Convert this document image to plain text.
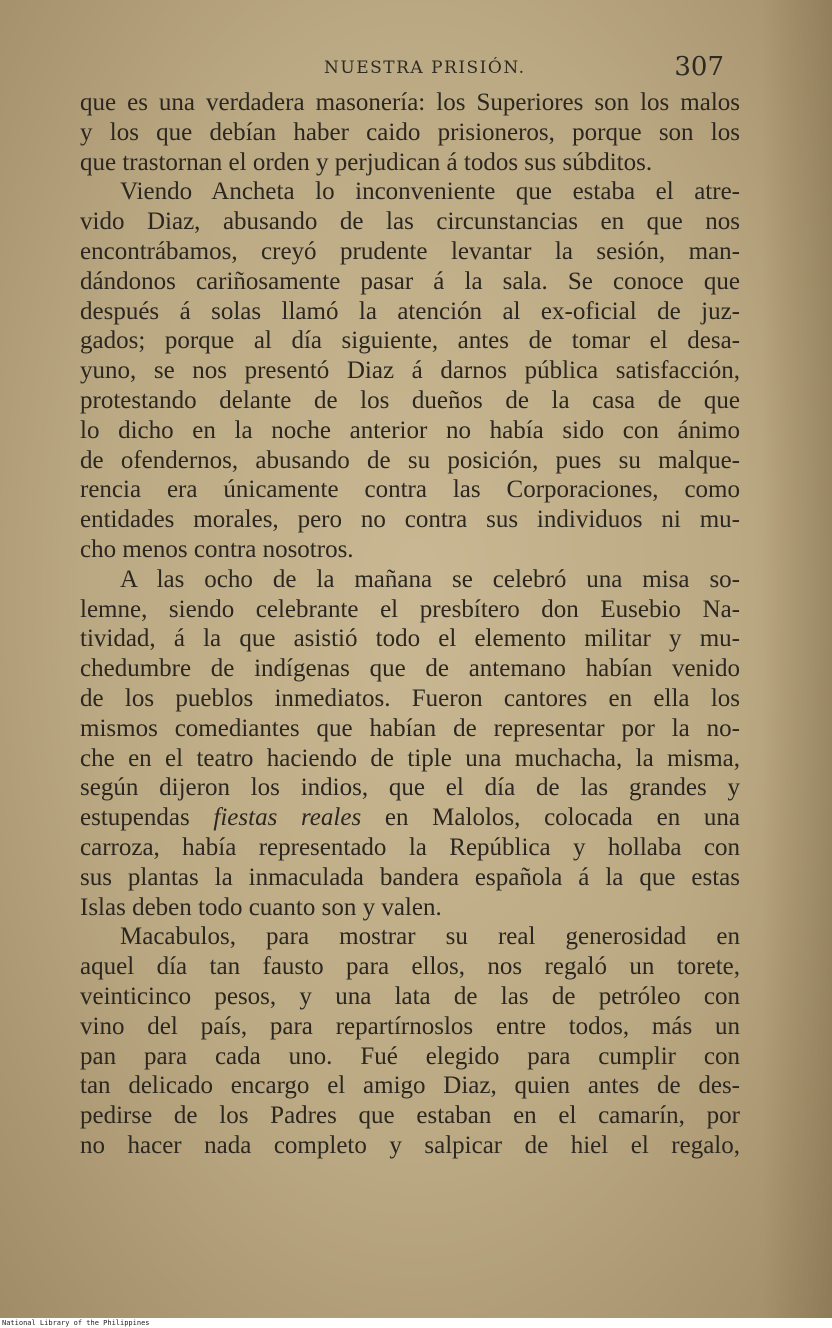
NUESTRA PRISIÓN.	307
que es una verdadera masonería: los Superiores son los malos
y los que debían haber caido prisioneros, porque son los
que trastornan el orden y perjudican á todos sus súbditos.
Viendo Ancheta lo inconveniente que estaba el atre-
vido Diaz, abusando de las circunstancias en que nos
encontrábamos, creyó prudente levantar la sesión, man-
dándonos cariñosamente pasar á la sala. Se conoce que
después á solas llamó la atención al ex-oficial de juz-
gados; porque al día siguiente, antes de tomar el desa-
yuno, se nos presentó Diaz á darnos pública satisfacción,
protestando delante de los dueños de la casa de que
lo dicho en la noche anterior no había sido con ánimo
de ofendernos, abusando de su posición, pues su malque-
rencia era únicamente contra las Corporaciones, como
entidades morales, pero no contra sus individuos ni mu-
cho menos contra nosotros.
A las ocho de la mañana se celebró una misa so-
lemne, siendo celebrante el presbítero don Eusebio Na-
tividad, á la que asistió todo el elemento militar y mu-
chedumbre de indígenas que de antemano habían venido
de los pueblos inmediatos. Fueron cantores en ella los
mismos comediantes que habían de representar por la no-
che en el teatro haciendo de tiple una muchacha, la misma,
según dijeron los indios, que el día de las grandes y
estupendas fiestas reales en Malolos, colocada en una
carroza, había representado la República y hollaba con
sus plantas la inmaculada bandera española á la que estas
Islas deben todo cuanto son y valen.
Macabulos, para mostrar su real generosidad en
aquel día tan fausto para ellos, nos regaló un torete,
veinticinco pesos, y una lata de las de petróleo con
vino del país, para repartírnoslos entre todos, más un
pan para cada uno. Fué elegido para cumplir con
tan delicado encargo el amigo Diaz, quien antes de des-
pedirse de los Padres que estaban en el camarín, por
no hacer nada completo y salpicar de hiel el regalo,
National Library of the Philippines
